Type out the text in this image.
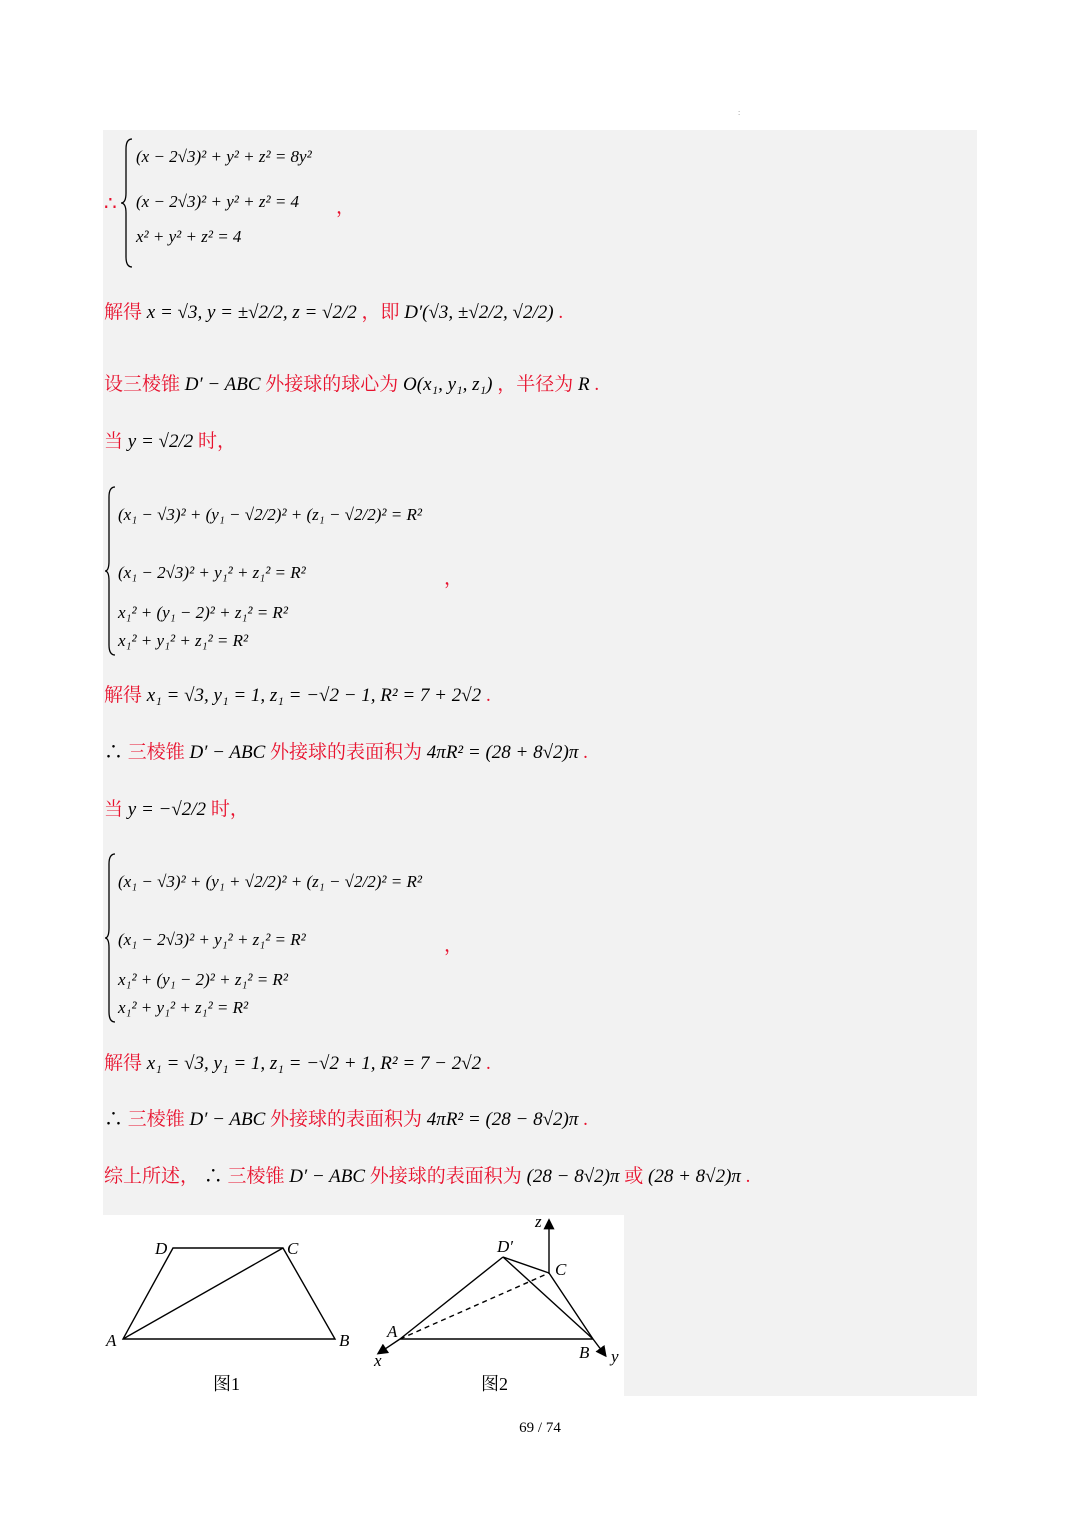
:
∴
(x − 2√3)² + y² + z² = 8y²
(x − 2√3)² + y² + z² = 4
x² + y² + z² = 4
，
解得 x = √3, y = ±√2/2, z = √2/2 ，即 D′(√3, ±√2/2, √2/2) .
设三棱锥 D′ − ABC 外接球的球心为 O(x₁, y₁, z₁) ，半径为 R .
当 y = √2/2 时，
(x₁ − √3)² + (y₁ − √2/2)² + (z₁ − √2/2)² = R²
(x₁ − 2√3)² + y₁² + z₁² = R²
x₁² + (y₁ − 2)² + z₁² = R²
x₁² + y₁² + z₁² = R²
，
解得 x₁ = √3, y₁ = 1, z₁ = −√2 − 1, R² = 7 + 2√2 .
∴ 三棱锥 D′ − ABC 外接球的表面积为 4πR² = (28 + 8√2)π .
当 y = −√2/2 时，
(x₁ − √3)² + (y₁ + √2/2)² + (z₁ − √2/2)² = R²
(x₁ − 2√3)² + y₁² + z₁² = R²
x₁² + (y₁ − 2)² + z₁² = R²
x₁² + y₁² + z₁² = R²
，
解得 x₁ = √3, y₁ = 1, z₁ = −√2 + 1, R² = 7 − 2√2 .
∴ 三棱锥 D′ − ABC 外接球的表面积为 4πR² = (28 − 8√2)π .
综上所述， ∴ 三棱锥 D′ − ABC 外接球的表面积为 (28 − 8√2)π 或 (28 + 8√2)π .
A	B
C
D
图1
A
B
C
D′
x	y
z
图2
69 / 74
